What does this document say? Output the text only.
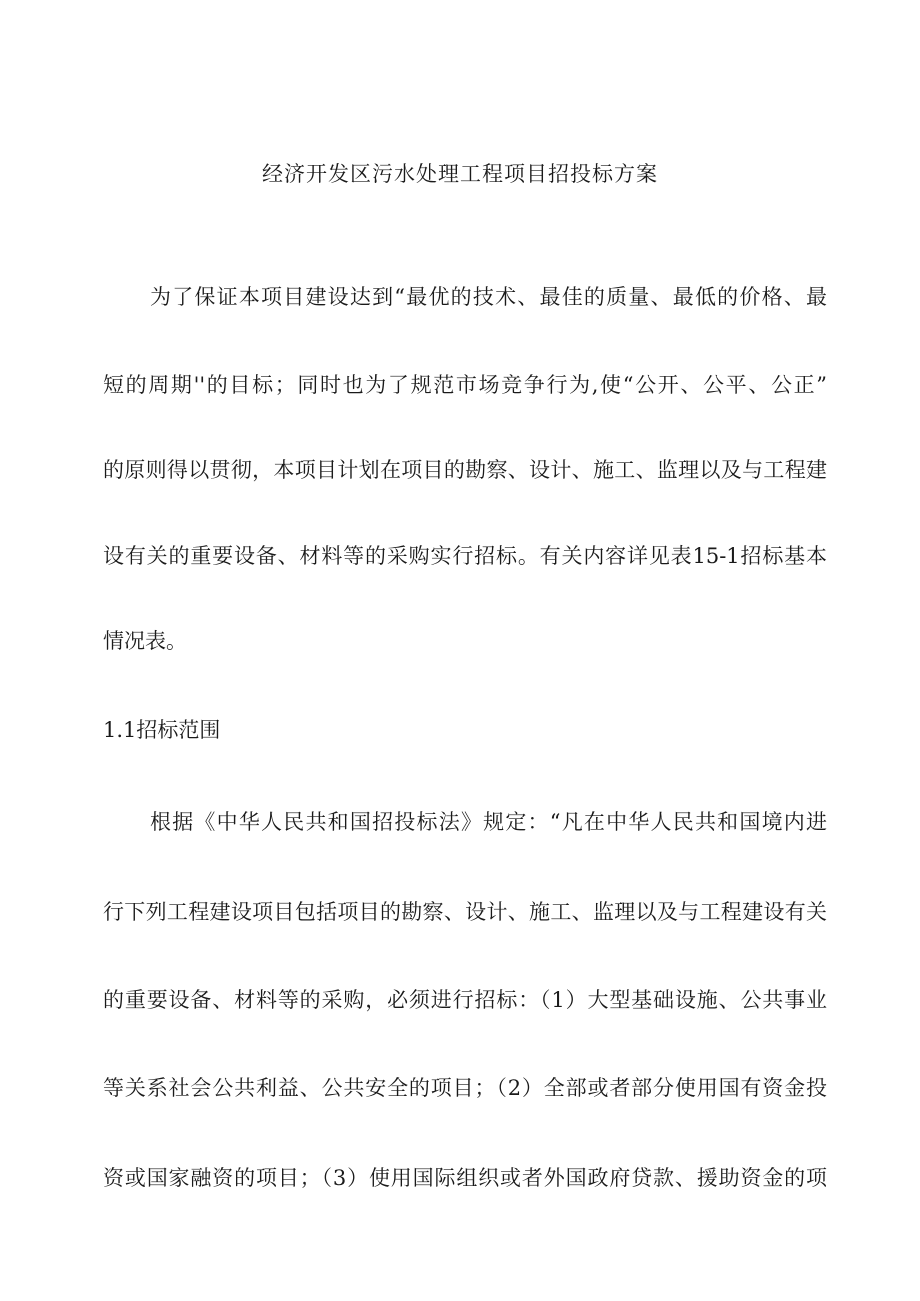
经济开发区污水处理工程项目招投标方案

为了保证本项目建设达到“最优的技术、最佳的质量、最低的价格、最

短的周期''的目标；同时也为了规范市场竞争行为,使“公开、公平、公正”

的原则得以贯彻，本项目计划在项目的勘察、设计、施工、监理以及与工程建

设有关的重要设备、材料等的采购实行招标。有关内容详见表15-1招标基本

情况表。

1.1招标范围

根据《中华人民共和国招投标法》规定：“凡在中华人民共和国境内进

行下列工程建设项目包括项目的勘察、设计、施工、监理以及与工程建设有关

的重要设备、材料等的采购，必须进行招标：（1）大型基础设施、公共事业

等关系社会公共利益、公共安全的项目；（2）全部或者部分使用国有资金投

资或国家融资的项目；（3）使用国际组织或者外国政府贷款、援助资金的项
